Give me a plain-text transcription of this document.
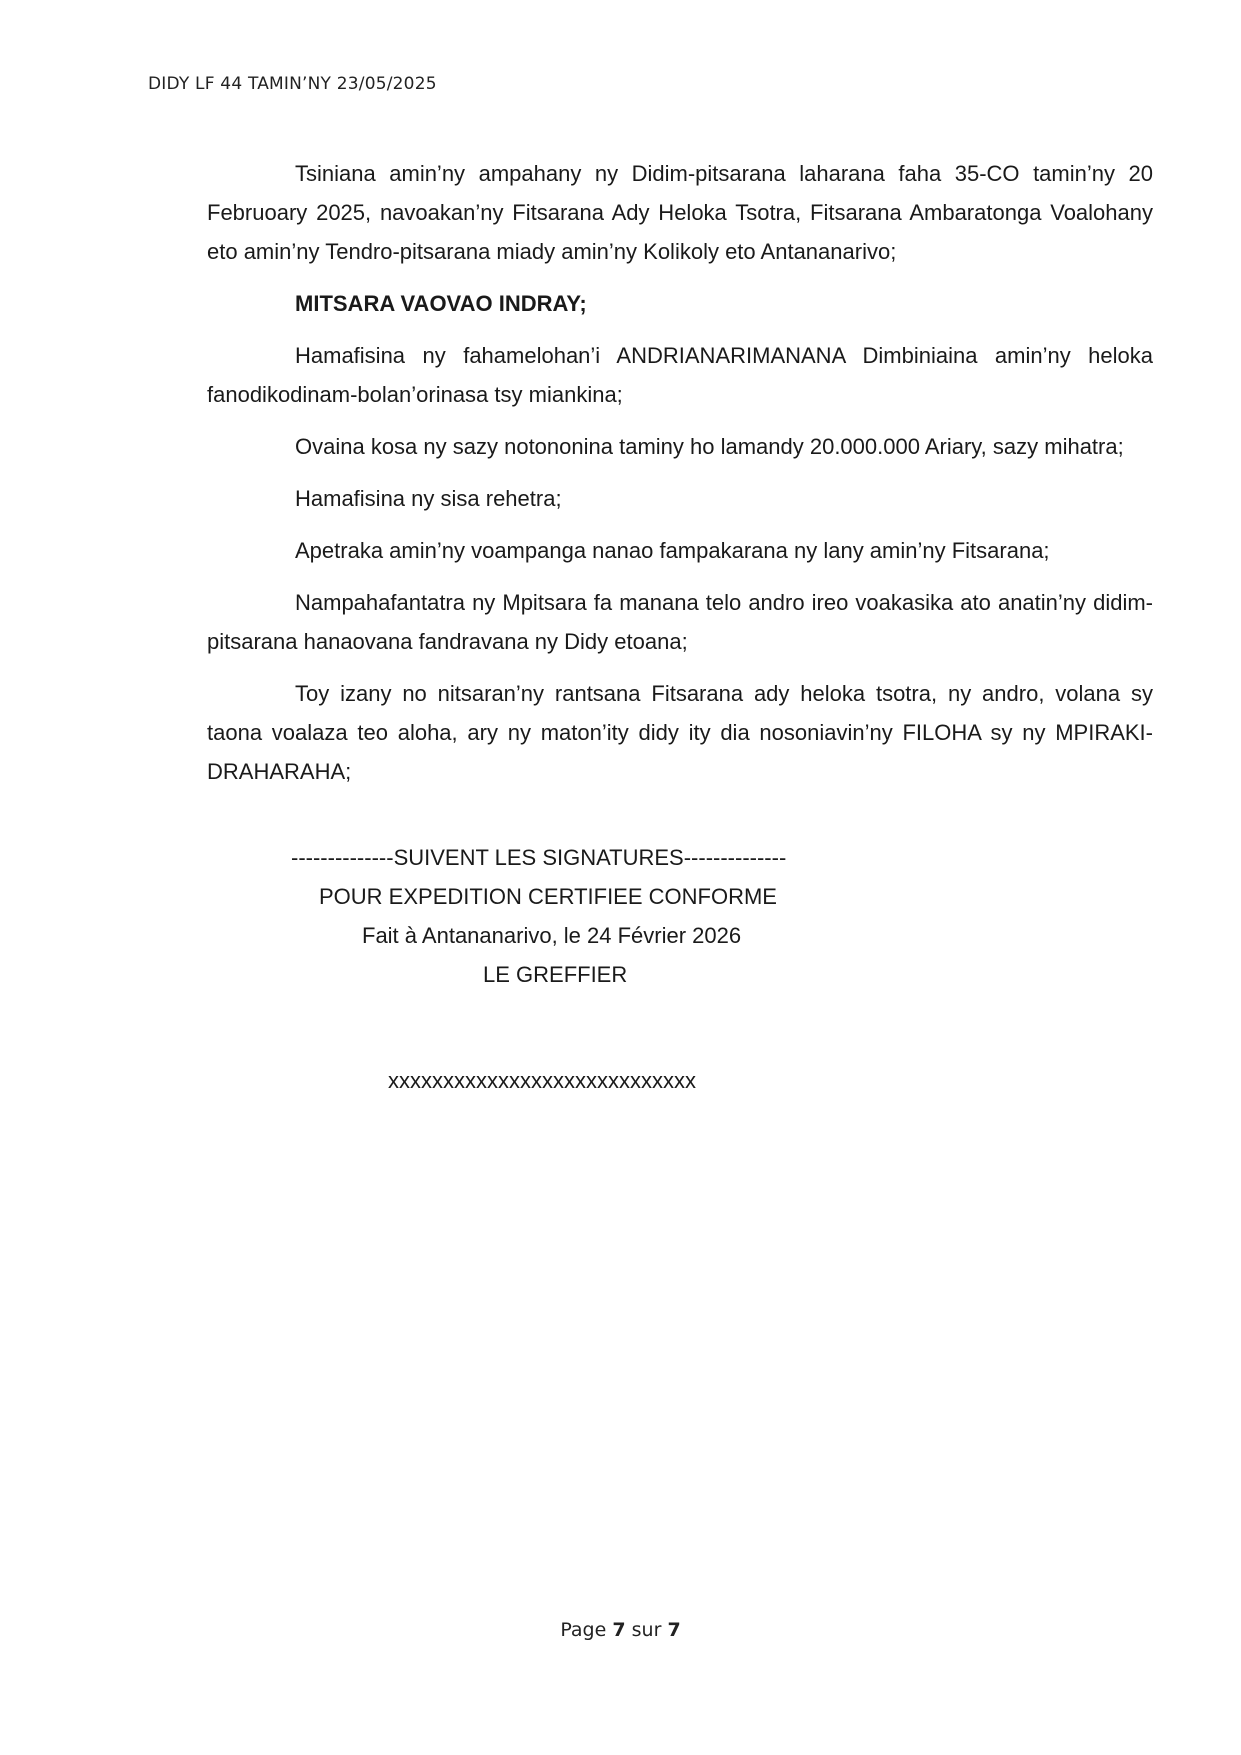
DIDY LF 44 TAMIN’NY 23/05/2025

Tsiniana amin’ny ampahany ny Didim-pitsarana laharana faha 35-CO tamin’ny 20 Februoary 2025, navoakan’ny Fitsarana Ady Heloka Tsotra, Fitsarana Ambaratonga Voalohany eto amin’ny Tendro-pitsarana miady amin’ny Kolikoly eto Antananarivo;

MITSARA VAOVAO INDRAY;

Hamafisina ny fahamelohan’i ANDRIANARIMANANA Dimbiniaina amin’ny heloka fanodikodinam-bolan’orinasa tsy miankina;

Ovaina kosa ny sazy notononina taminy ho lamandy 20.000.000 Ariary, sazy mihatra;

Hamafisina ny sisa rehetra;

Apetraka amin’ny voampanga nanao fampakarana ny lany amin’ny Fitsarana;

Nampahafantatra ny Mpitsara fa manana telo andro ireo voakasika ato anatin’ny didim-pitsarana hanaovana fandravana ny Didy etoana;

Toy izany no nitsaran’ny rantsana Fitsarana ady heloka tsotra, ny andro, volana sy taona voalaza teo aloha, ary ny maton’ity didy ity dia nosoniavin’ny FILOHA sy ny MPIRAKI-DRAHARAHA;

--------------SUIVENT LES SIGNATURES--------------
POUR EXPEDITION CERTIFIEE CONFORME
Fait à Antananarivo, le 24 Février 2026
LE GREFFIER
xxxxxxxxxxxxxxxxxxxxxxxxxxxx
Page 7 sur 7
